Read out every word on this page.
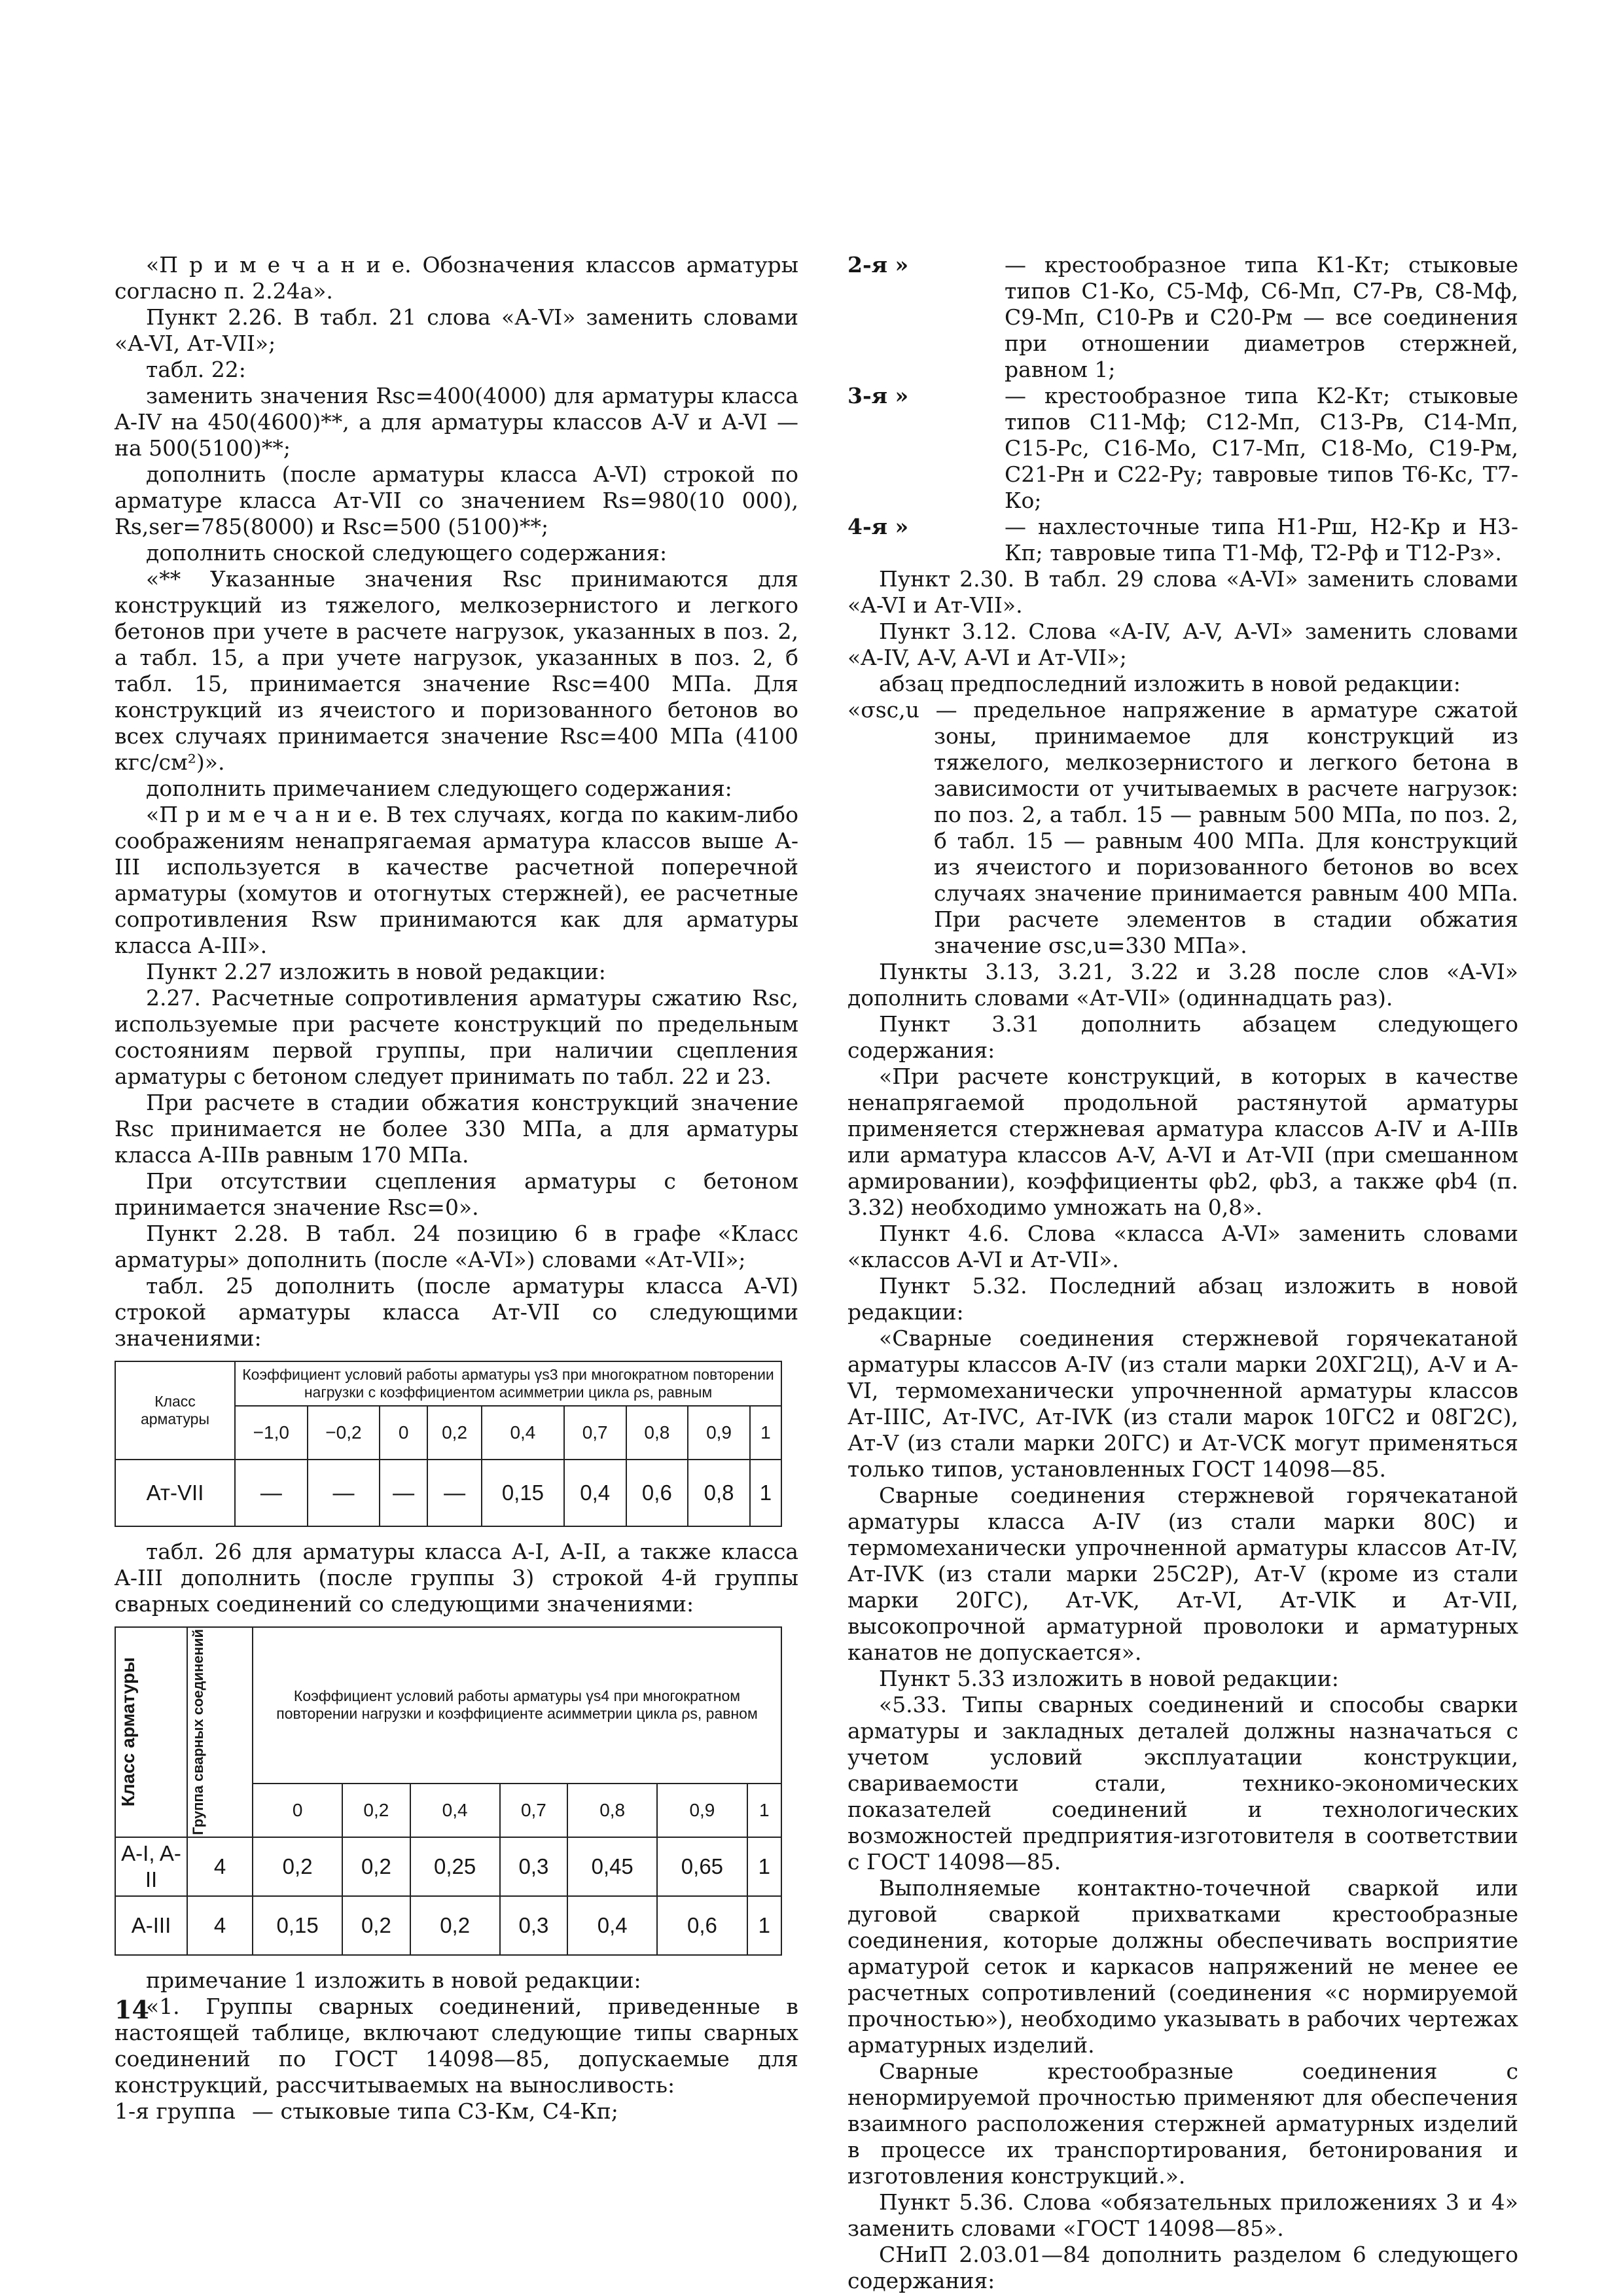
«П р и м е ч а н и е. Обозначения классов арматуры согласно п. 2.24а».

Пункт 2.26. В табл. 21 слова «А-VI» заменить словами «A-VI, Ат-VII»;

табл. 22:

заменить значения Rsc=400(4000) для арматуры класса A-IV на 450(4600)**, а для арматуры классов A-V и A-VI — на 500(5100)**;

дополнить (после арматуры класса A-VI) строкой по арматуре класса Ат-VII со значением Rs=980(10 000), Rs,ser=785(8000) и Rsc=500 (5100)**;

дополнить сноской следующего содержания:

«** Указанные значения Rsc принимаются для конструкций из тяжелого, мелкозернистого и легкого бетонов при учете в расчете нагрузок, указанных в поз. 2, а табл. 15, а при учете нагрузок, указанных в поз. 2, б табл. 15, принимается значение Rsc=400 МПа. Для конструкций из ячеистого и поризованного бетонов во всех случаях принимается значение Rsc=400 МПа (4100 кгс/см²)».

дополнить примечанием следующего содержания:

«П р и м е ч а н и е. В тех случаях, когда по каким-либо соображениям ненапрягаемая арматура классов выше А-III используется в качестве расчетной поперечной арматуры (хомутов и отогнутых стержней), ее расчетные сопротивления Rsw принимаются как для арматуры класса A-III».

Пункт 2.27 изложить в новой редакции:

2.27. Расчетные сопротивления арматуры сжатию Rsc, используемые при расчете конструкций по предельным состояниям первой группы, при наличии сцепления арматуры с бетоном следует принимать по табл. 22 и 23.

При расчете в стадии обжатия конструкций значение Rsc принимается не более 330 МПа, а для арматуры класса A-IIIв равным 170 МПа.

При отсутствии сцепления арматуры с бетоном принимается значение Rsc=0».

Пункт 2.28. В табл. 24 позицию 6 в графе «Класс арматуры» дополнить (после «A-VI») словами «Ат-VII»;

табл. 25 дополнить (после арматуры класса A-VI) строкой арматуры класса Ат-VII со следующими значениями:

Класс арматуры	Коэффициент условий работы арматуры γs3 при многократном повторении нагрузки с коэффициентом асимметрии цикла ρs, равным								
	−1,0	−0,2	0	0,2	0,4	0,7	0,8	0,9	1
Ат-VII	—	—	—	—	0,15	0,4	0,6	0,8	1

табл. 26 для арматуры класса A-I, A-II, а также класса A-III дополнить (после группы 3) строкой 4-й группы сварных соединений со следующими значениями:

Класс арматуры	Группа сварных соединений	Коэффициент условий работы арматуры γs4 при многократном повторении нагрузки и коэффициенте асимметрии цикла ρs, равном						
		0	0,2	0,4	0,7	0,8	0,9	1
A-I, A-II	4	0,2	0,2	0,25	0,3	0,45	0,65	1
A-III	4	0,15	0,2	0,2	0,3	0,4	0,6	1

примечание 1 изложить в новой редакции:

«1. Группы сварных соединений, приведенные в настоящей таблице, включают следующие типы сварных соединений по ГОСТ 14098—85, допускаемые для конструкций, рассчитываемых на выносливость:

1-я группа — стыковые типа С3-Км, С4-Кп;
2-я »	— крестообразное типа К1-Кт; стыковые типов С1-Ко, С5-Мф, С6-Мп, С7-Рв, С8-Мф, С9-Мп, С10-Рв и С20-Рм — все соединения при отношении диаметров стержней, равном 1;
3-я »	— крестообразное типа К2-Кт; стыковые типов С11-Мф; С12-Мп, С13-Рв, С14-Мп, С15-Рс, С16-Мо, С17-Мп, С18-Мо, С19-Рм, С21-Рн и С22-Ру; тавровые типов Т6-Кс, Т7-Ко;
4-я »	— нахлесточные типа Н1-Рш, Н2-Кр и Н3-Кп; тавровые типа Т1-Мф, Т2-Рф и Т12-Рз».

Пункт 2.30. В табл. 29 слова «A-VI» заменить словами «A-VI и Ат-VII».

Пункт 3.12. Слова «A-IV, A-V, A-VI» заменить словами «A-IV, A-V, A-VI и Ат-VII»;

абзац предпоследний изложить в новой редакции:

«σsc,u — предельное напряжение в арматуре сжатой зоны, принимаемое для конструкций из тяжелого, мелкозернистого и легкого бетона в зависимости от учитываемых в расчете нагрузок: по поз. 2, а табл. 15 — равным 500 МПа, по поз. 2, б табл. 15 — равным 400 МПа. Для конструкций из ячеистого и поризованного бетонов во всех случаях значение принимается равным 400 МПа. При расчете элементов в стадии обжатия значение σsc,u=330 МПа».

Пункты 3.13, 3.21, 3.22 и 3.28 после слов «A-VI» дополнить словами «Ат-VII» (одиннадцать раз).

Пункт 3.31 дополнить абзацем следующего содержания:

«При расчете конструкций, в которых в качестве ненапрягаемой продольной растянутой арматуры применяется стержневая арматура классов A-IV и A-IIIв или арматура классов A-V, A-VI и Ат-VII (при смешанном армировании), коэффициенты φb2, φb3, а также φb4 (п. 3.32) необходимо умножать на 0,8».

Пункт 4.6. Слова «класса A-VI» заменить словами «классов A-VI и Ат-VII».

Пункт 5.32. Последний абзац изложить в новой редакции:

«Сварные соединения стержневой горячекатаной арматуры классов A-IV (из стали марки 20ХГ2Ц), A-V и A-VI, термомеханически упрочненной арматуры классов Ат-IIIС, Ат-IVС, Ат-IVК (из стали марок 10ГС2 и 08Г2С), Ат-V (из стали марки 20ГС) и Ат-VСК могут применяться только типов, установленных ГОСТ 14098—85.

Сварные соединения стержневой горячекатаной арматуры класса A-IV (из стали марки 80С) и термомеханически упрочненной арматуры классов Ат-IV, Ат-IVK (из стали марки 25С2Р), Ат-V (кроме из стали марки 20ГС), Ат-VK, Ат-VI, Ат-VIK и Ат-VII, высокопрочной арматурной проволоки и арматурных канатов не допускается».

Пункт 5.33 изложить в новой редакции:

«5.33. Типы сварных соединений и способы сварки арматуры и закладных деталей должны назначаться с учетом условий эксплуатации конструкции, свариваемости стали, технико-экономических показателей соединений и технологических возможностей предприятия-изготовителя в соответствии с ГОСТ 14098—85.

Выполняемые контактно-точечной сваркой или дуговой сваркой прихватками крестообразные соединения, которые должны обеспечивать восприятие арматурой сеток и каркасов напряжений не менее ее расчетных сопротивлений (соединения «с нормируемой прочностью»), необходимо указывать в рабочих чертежах арматурных изделий.

Сварные крестообразные соединения с ненормируемой прочностью применяют для обеспечения взаимного расположения стержней арматурных изделий в процессе их транспортирования, бетонирования и изготовления конструкций.».

Пункт 5.36. Слова «обязательных приложениях 3 и 4» заменить словами «ГОСТ 14098—85».

СНиП 2.03.01—84 дополнить разделом 6 следующего содержания:

14
